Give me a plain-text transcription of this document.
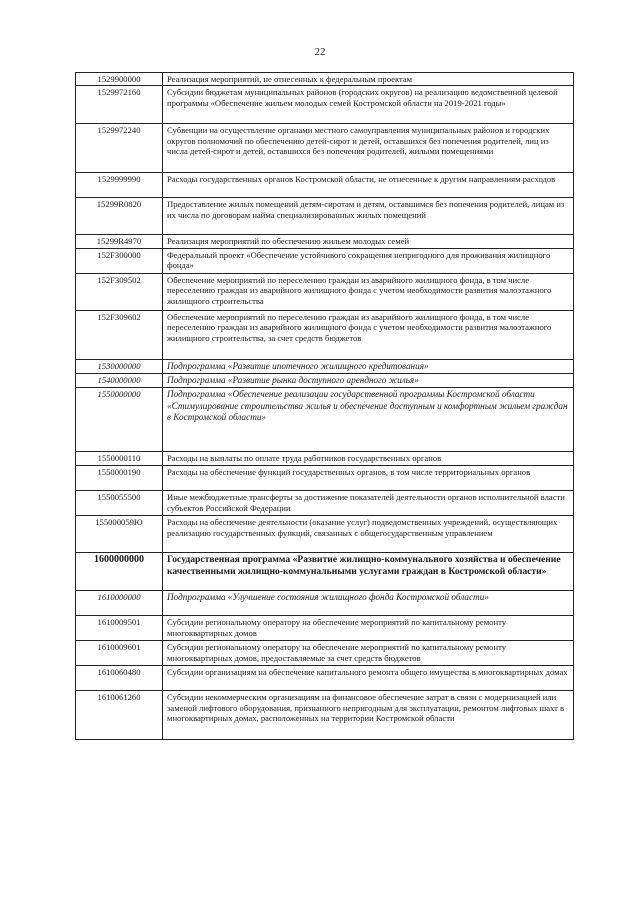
22
1529900000	Реализация мероприятий, не отнесенных к федеральным проектам
1529972160	Субсидии бюджетам муниципальных районов (городских округов) на реализацию ведомственной целевой программы «Обеспечение жильем молодых семей Костромской области на 2019-2021 годы»
1529972240	Субвенции на осуществление органами местного самоуправления муниципальных районов и городских округов полномочий по обеспечению детей-сирот и детей, оставшихся без попечения родителей, лиц из числа детей-сирот и детей, оставшихся без попечения родителей, жилыми помещениями
1529999990	Расходы государственных органов Костромской области, не отнесенные к другим направлениям расходов
15299R0820	Предоставление жилых помещений детям-сиротам и детям, оставшимся без попечения родителей, лицам из их числа по договорам найма специализированных жилых помещений
15299R4970	Реализация мероприятий по обеспечению жильем молодых семей
152F300000	Федеральный проект «Обеспечение устойчивого сокращения непригодного для проживания жилищного фонда»
152F309502	Обеспечение мероприятий по переселению граждан из аварийного жилищного фонда, в том числе переселению граждан из аварийного жилищного фонда с учетом необходимости развития малоэтажного жилищного строительства
152F309602	Обеспечение мероприятий по переселению граждан из аварийного жилищного фонда, в том числе переселению граждан из аварийного жилищного фонда с учетом необходимости развития малоэтажного жилищного строительства, за счет средств бюджетов
1530000000	Подпрограмма «Развитие ипотечного жилищного кредитования»
1540000000	Подпрограмма «Развитие рынка доступного арендного жилья»
1550000000	Подпрограмма «Обеспечение реализации государственной программы Костромской области «Стимулирование строительства жилья и обеспечение доступным и комфортным жильем граждан в Костромской области»
1550000110	Расходы на выплаты по оплате труда работников государственных органов
1550000190	Расходы на обеспечение функций государственных органов, в том числе территориальных органов
1550055500	Иные межбюджетные трансферты за достижение показателей деятельности органов исполнительной власти субъектов Российской Федерации
155000059Ю	Расходы на обеспечение деятельности (оказание услуг) подведомственных учреждений, осуществляющих реализацию государственных функций, связанных с общегосударственным управлением
1600000000	Государственная программа «Развитие жилищно-коммунального хозяйства и обеспечение качественными жилищно-коммунальными услугами граждан в Костромской области»
1610000000	Подпрограмма «Улучшение состояния жилищного фонда Костромской области»
1610009501	Субсидии региональному оператору на обеспечение мероприятий по капитальному ремонту многоквартирных домов
1610009601	Субсидии региональному оператору на обеспечение мероприятий по капитальному ремонту многоквартирных домов, предоставляемые за счет средств бюджетов
1610060480	Субсидии организациям на обеспечение капитального ремонта общего имущества в многоквартирных домах
1610061260	Субсидии некоммерческим организациям на финансовое обеспечение затрат в связи с модернизацией или заменой лифтового оборудования, признанного непригодным для эксплуатации, ремонтом лифтовых шахт в многоквартирных домах, расположенных на территории Костромской области
